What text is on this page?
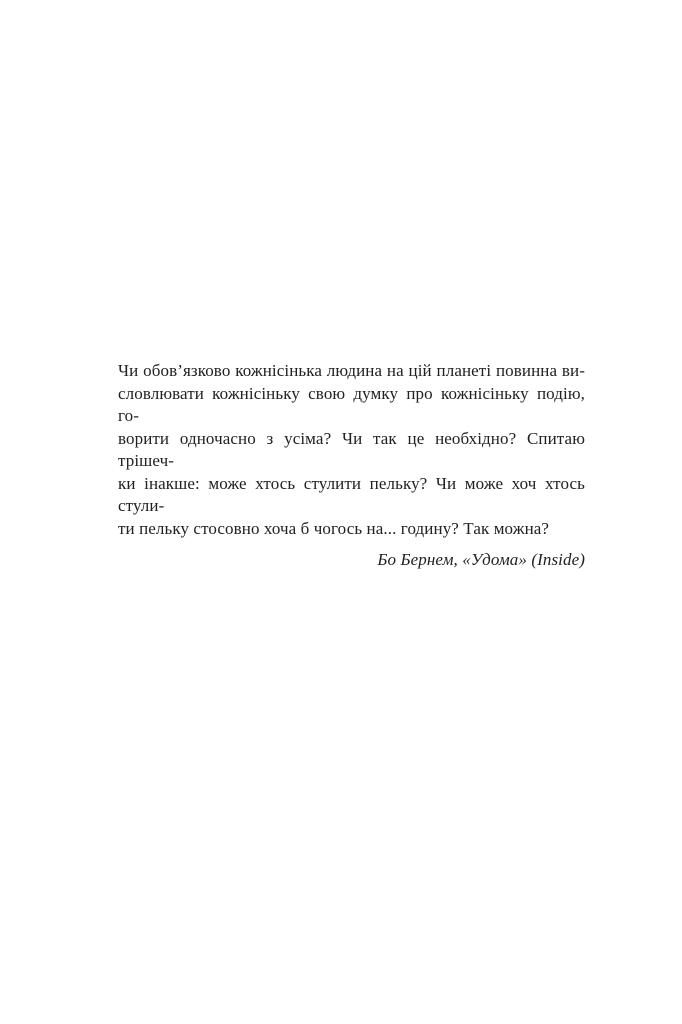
Чи обов’язково кожнісінька людина на цій планеті повинна ви-
словлювати кожнісіньку свою думку про кожнісіньку подію, го-
ворити одночасно з усіма? Чи так це необхідно? Спитаю трішеч-
ки інакше: може хтось стулити пельку? Чи може хоч хтось стули-
ти пельку стосовно хоча б чогось на... годину? Так можна?
Бо Бернем, «Удома» (Inside)
